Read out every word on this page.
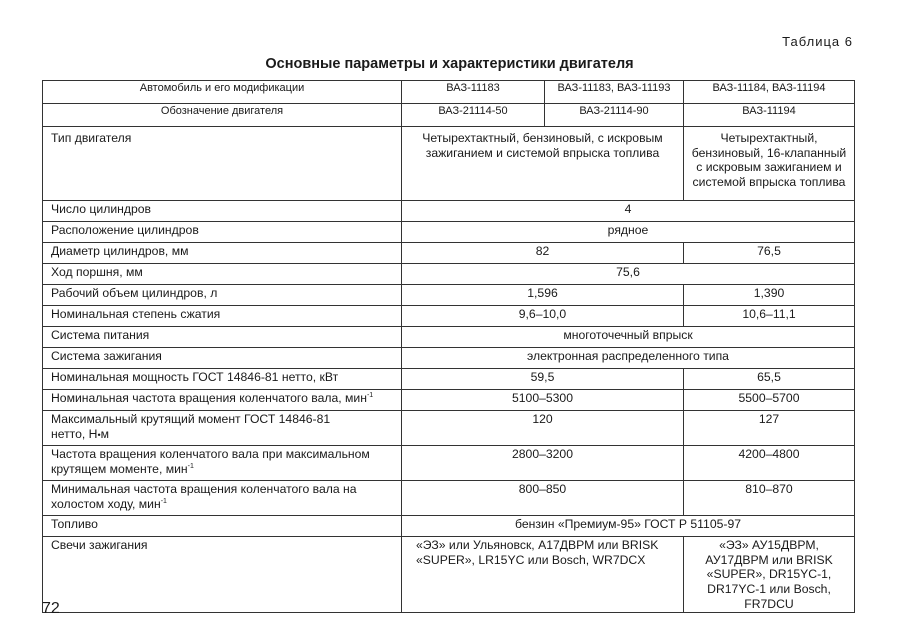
Таблица 6
Основные параметры и характеристики двигателя
Автомобиль и его модификации	ВАЗ-11183	ВАЗ-11183, ВАЗ-11193	ВАЗ-11184, ВАЗ-11194
Обозначение двигателя	ВАЗ-21114-50	ВАЗ-21114-90	ВАЗ-11194
Тип двигателя	Четырехтактный, бензиновый, с искровым зажиганием и системой впрыска топлива		Четырехтактный, бензиновый, 16-клапанный с искровым зажиганием и системой впрыска топлива
Число цилиндров	4		
Расположение цилиндров	рядное		
Диаметр цилиндров, мм	82		76,5
Ход поршня, мм	75,6		
Рабочий объем цилиндров, л	1,596		1,390
Номинальная степень сжатия	9,6–10,0		10,6–11,1
Система питания	многоточечный впрыск		
Система зажигания	электронная распределенного типа		
Номинальная мощность ГОСТ 14846-81 нетто, кВт	59,5		65,5
Номинальная частота вращения коленчатого вала, мин$^{-1}$	5100–5300		5500–5700
Максимальный крутящий момент ГОСТ 14846-81
нетто, Н•м	120		127
Частота вращения коленчатого вала при максимальном крутящем моменте, мин$^{-1}$	2800–3200		4200–4800
Минимальная частота вращения коленчатого вала на холостом ходу, мин$^{-1}$	800–850		810–870
Топливо	бензин «Премиум-95» ГОСТ Р 51105-97		
Свечи зажигания	«ЭЗ» или Ульяновск, А17ДВРМ или BRISK «SUPER», LR15YC или Bosch, WR7DCX		«ЭЗ» АУ15ДВРМ, АУ17ДВРМ или BRISK «SUPER», DR15YC-1, DR17YC-1 или Bosch, FR7DCU
72
